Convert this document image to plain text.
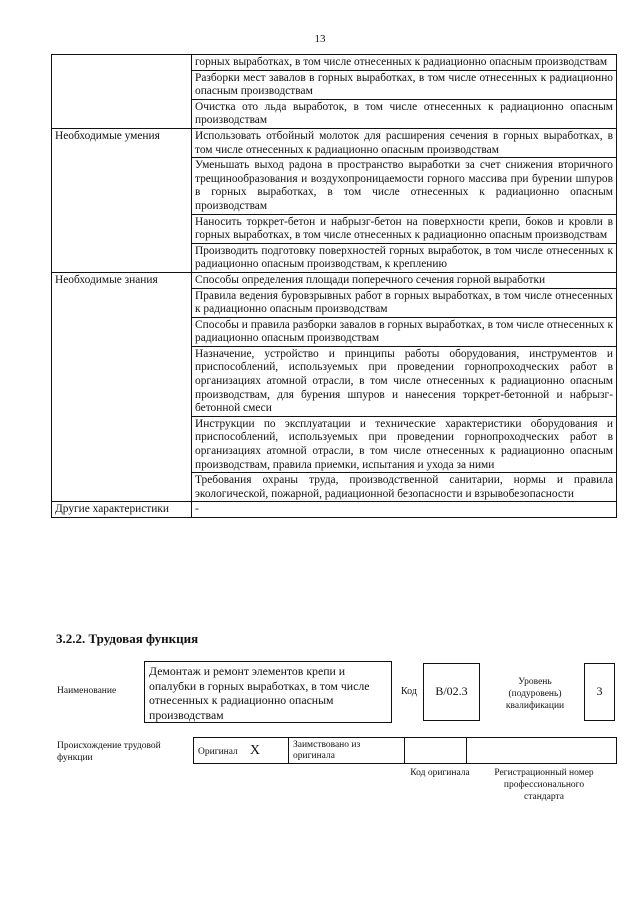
13
	горных выработках, в том числе отнесенных к радиационно опасным производствам
	Разборки мест завалов в горных выработках, в том числе отнесенных к радиационно опасным производствам
	Очистка ото льда выработок, в том числе отнесенных к радиационно опасным производствам
Необходимые умения	Использовать отбойный молоток для расширения сечения в горных выработках, в том числе отнесенных к радиационно опасным производствам
	Уменьшать выход радона в пространство выработки за счет снижения вторичного трещинообразования и воздухопроницаемости горного массива при бурении шпуров в горных выработках, в том числе отнесенных к радиационно опасным производствам
	Наносить торкрет-бетон и набрызг-бетон на поверхности крепи, боков и кровли в горных выработках, в том числе отнесенных к радиационно опасным производствам
	Производить подготовку поверхностей горных выработок, в том числе отнесенных к радиационно опасным производствам, к креплению
Необходимые знания	Способы определения площади поперечного сечения горной выработки
	Правила ведения буровзрывных работ в горных выработках, в том числе отнесенных к радиационно опасным производствам
	Способы и правила разборки завалов в горных выработках, в том числе отнесенных к радиационно опасным производствам
	Назначение, устройство и принципы работы оборудования, инструментов и приспособлений, используемых при проведении горнопроходческих работ в организациях атомной отрасли, в том числе отнесенных к радиационно опасным производствам, для бурения шпуров и нанесения торкрет-бетонной и набрызг-бетонной смеси
	Инструкции по эксплуатации и технические характеристики оборудования и приспособлений, используемых при проведении горнопроходческих работ в организациях атомной отрасли, в том числе отнесенных к радиационно опасным производствам, правила приемки, испытания и ухода за ними
	Требования охраны труда, производственной санитарии, нормы и правила экологической, пожарной, радиационной безопасности и взрывобезопасности
Другие характеристики	-
3.2.2. Трудовая функция
Наименование
Демонтаж и ремонт элементов крепи и опалубки в горных выработках, в том числе отнесенных к радиационно опасным производствам
Код	В/02.3
Уровень (подуровень) квалификации
3
Происхождение трудовой функции
Оригинал X	Заимствовано из оригинала

Код оригинала	Регистрационный номер профессионального стандарта
